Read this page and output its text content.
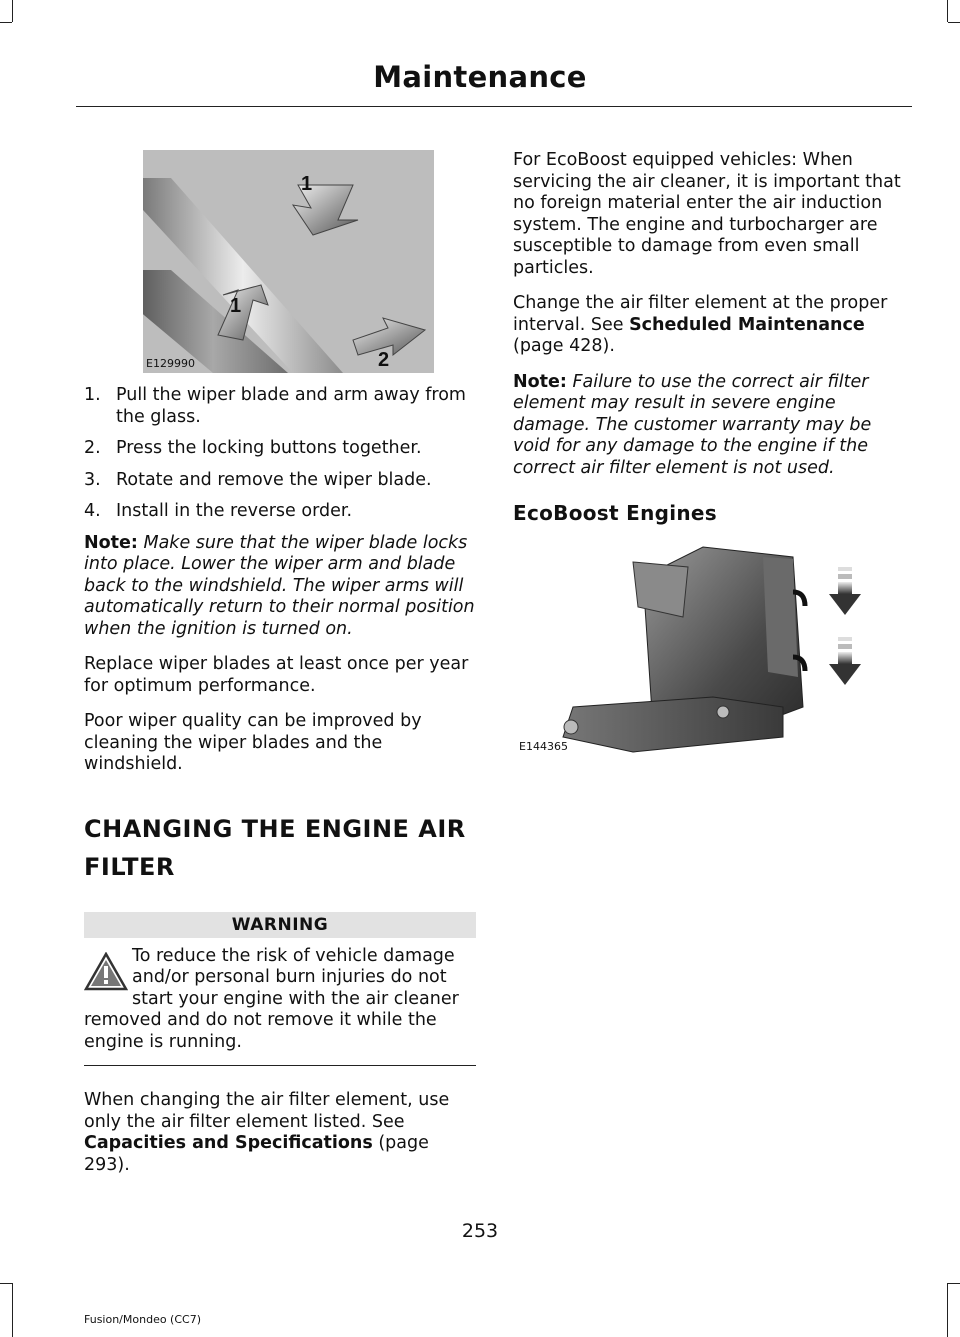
Maintenance
1
1
2
E129990
1. Pull the wiper blade and arm away from the glass.
2. Press the locking buttons together.
3. Rotate and remove the wiper blade.
4. Install in the reverse order.

Note: Make sure that the wiper blade locks into place. Lower the wiper arm and blade back to the windshield. The wiper arms will automatically return to their normal position when the ignition is turned on.

Replace wiper blades at least once per year for optimum performance.

Poor wiper quality can be improved by cleaning the wiper blades and the windshield.

CHANGING THE ENGINE AIR
FILTER
WARNING

To reduce the risk of vehicle damage and/or personal burn injuries do not start your engine with the air cleaner removed and do not remove it while the engine is running.

When changing the air filter element, use only the air filter element listed. See Capacities and Specifications (page 293).

For EcoBoost equipped vehicles: When servicing the air cleaner, it is important that no foreign material enter the air induction system. The engine and turbocharger are susceptible to damage from even small particles.

Change the air filter element at the proper interval. See Scheduled Maintenance (page 428).

Note: Failure to use the correct air filter element may result in severe engine damage. The customer warranty may be void for any damage to the engine if the correct air filter element is not used.

EcoBoost Engines
E144365
253
Fusion/Mondeo (CC7)
